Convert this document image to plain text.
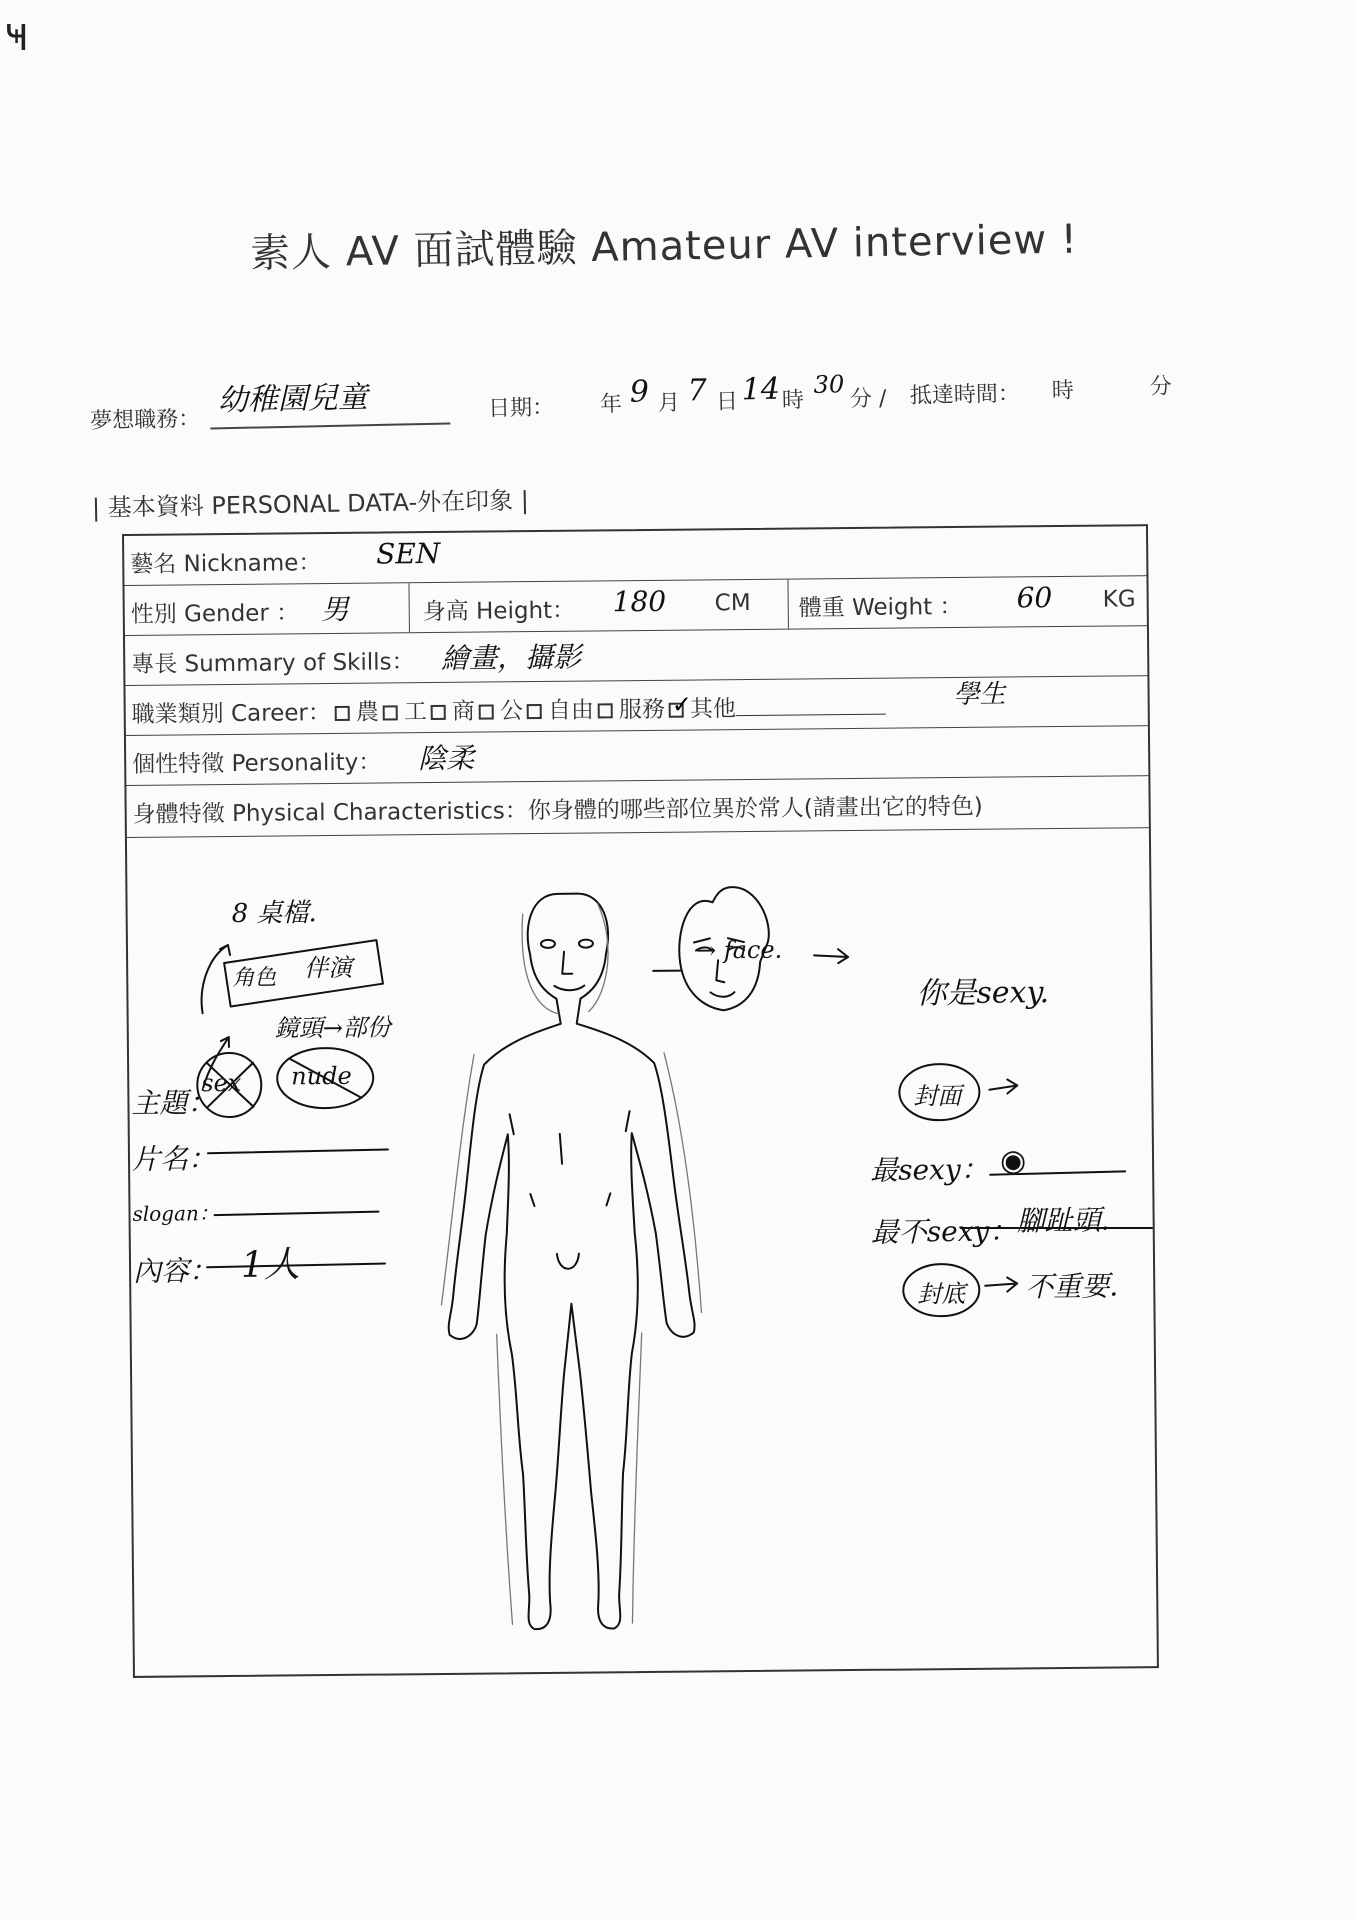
Ҹ
素人 AV 面試體驗 Amateur AV interview !
夢想職務：
幼稚園兒童	日期： 年 9 月 7 日 14 時
30
分 / 抵達時間： 時	分
| 基本資料 PERSONAL DATA-外在印象 |
藝名 Nickname： SEN
性別 Gender ： 男	身高 Height： 180 CM 體重 Weight ： 60 KG
專長 Summary of Skills： 繪畫，攝影
職業類別 Career： 農 工 商 公 自由 服務✓ 其他	學生
個性特徵 Personality： 陰柔
身體特徵 Physical Characteristics：你身體的哪些部位異於常人(請畫出它的特色)
→ face.
8 桌檔.
角色 伴演
鏡頭→部份
主題：
sex nude
片名：
slogan：
內容： 1人
你是sexy.
封面
最sexy： ◉
最不sexy： 腳趾頭.
封底 不重要.
